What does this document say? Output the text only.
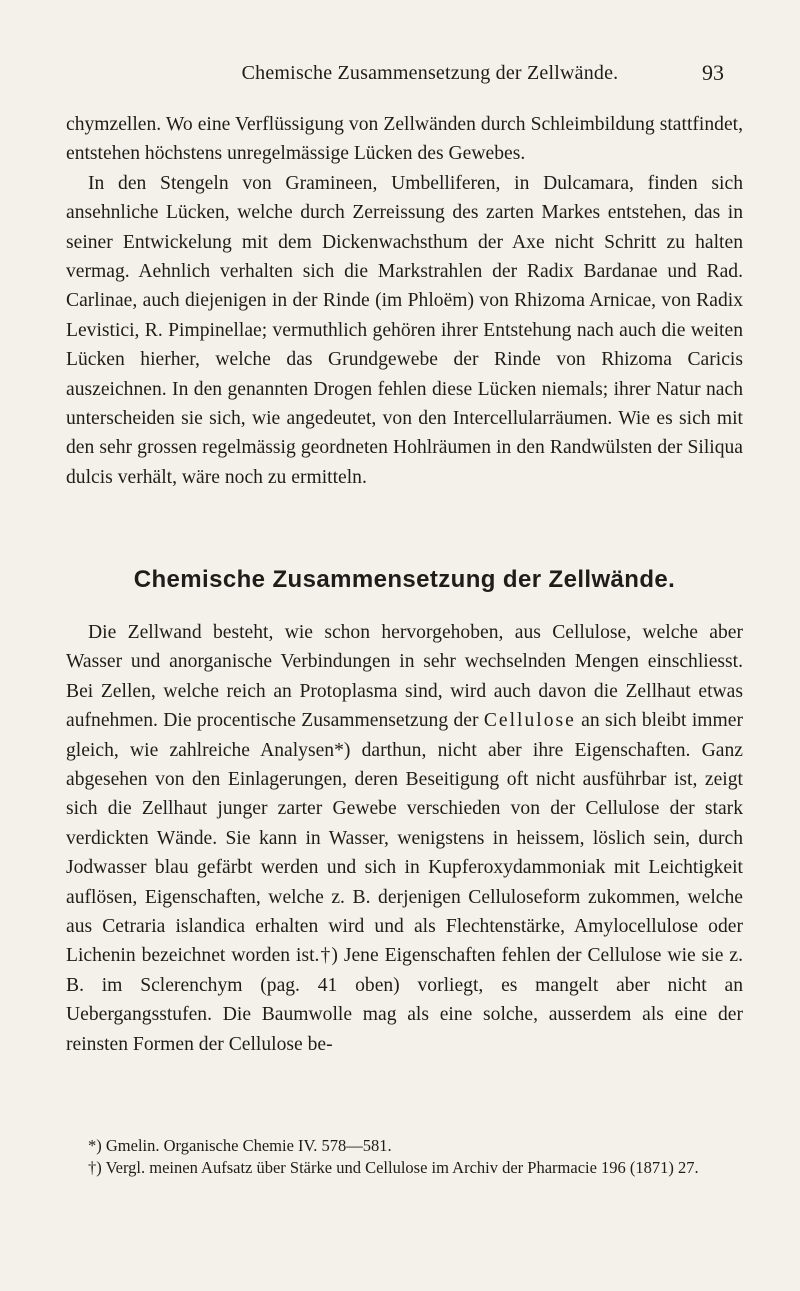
Chemische Zusammensetzung der Zellwände.	93

chymzellen. Wo eine Verflüssigung von Zellwänden durch Schleimbildung stattfindet, entstehen höchstens unregelmässige Lücken des Gewebes.

In den Stengeln von Gramineen, Umbelliferen, in Dulcamara, finden sich ansehnliche Lücken, welche durch Zerreissung des zarten Markes entstehen, das in seiner Entwickelung mit dem Dickenwachsthum der Axe nicht Schritt zu halten vermag. Aehnlich verhalten sich die Markstrahlen der Radix Bardanae und Rad. Carlinae, auch diejenigen in der Rinde (im Phloëm) von Rhizoma Arnicae, von Radix Levistici, R. Pimpinellae; vermuthlich gehören ihrer Entstehung nach auch die weiten Lücken hierher, welche das Grundgewebe der Rinde von Rhizoma Caricis auszeichnen. In den genannten Drogen fehlen diese Lücken niemals; ihrer Natur nach unterscheiden sie sich, wie angedeutet, von den Intercellularräumen. Wie es sich mit den sehr grossen regelmässig geordneten Hohlräumen in den Randwülsten der Siliqua dulcis verhält, wäre noch zu ermitteln.

Chemische Zusammensetzung der Zellwände.

Die Zellwand besteht, wie schon hervorgehoben, aus Cellulose, welche aber Wasser und anorganische Verbindungen in sehr wechselnden Mengen einschliesst. Bei Zellen, welche reich an Protoplasma sind, wird auch davon die Zellhaut etwas aufnehmen. Die procentische Zusammensetzung der Cellulose an sich bleibt immer gleich, wie zahlreiche Analysen*) darthun, nicht aber ihre Eigenschaften. Ganz abgesehen von den Einlagerungen, deren Beseitigung oft nicht ausführbar ist, zeigt sich die Zellhaut junger zarter Gewebe verschieden von der Cellulose der stark verdickten Wände. Sie kann in Wasser, wenigstens in heissem, löslich sein, durch Jodwasser blau gefärbt werden und sich in Kupferoxydammoniak mit Leichtigkeit auflösen, Eigenschaften, welche z. B. derjenigen Celluloseform zukommen, welche aus Cetraria islandica erhalten wird und als Flechtenstärke, Amylocellulose oder Lichenin bezeichnet worden ist.†) Jene Eigenschaften fehlen der Cellulose wie sie z. B. im Sclerenchym (pag. 41 oben) vorliegt, es mangelt aber nicht an Uebergangsstufen. Die Baumwolle mag als eine solche, ausserdem als eine der reinsten Formen der Cellulose be-

*) Gmelin. Organische Chemie IV. 578—581.

†) Vergl. meinen Aufsatz über Stärke und Cellulose im Archiv der Pharmacie 196 (1871) 27.
